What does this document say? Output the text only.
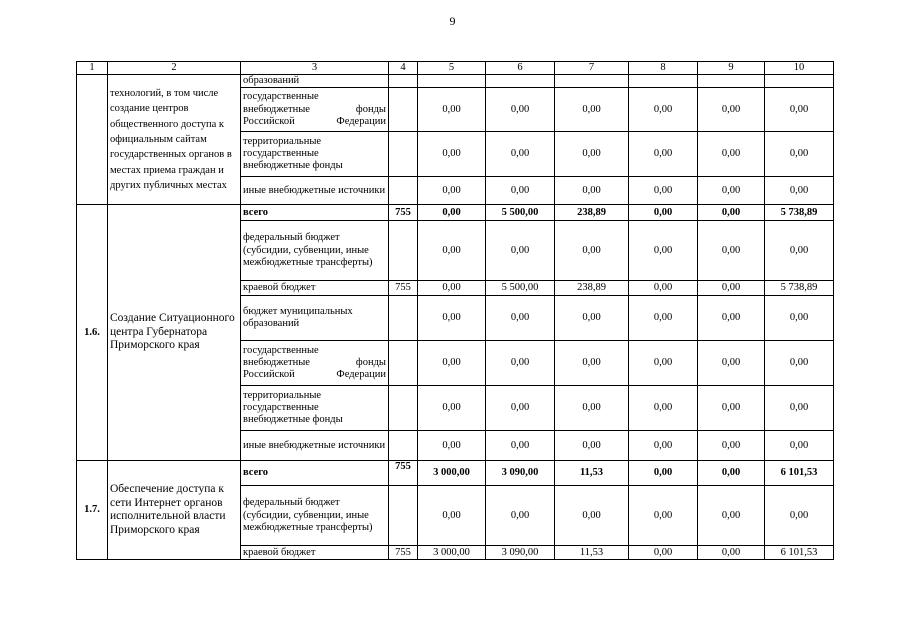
9
1	2	3	4	5	6	7	8	9	10
	технологий, в том числе создание центров общественного доступа к официальным сайтам государственных органов в местах приема граждан и других публичных местах	образований							
		государственные внебюджетные фонды Российской Федерации		0,00	0,00	0,00	0,00	0,00	0,00
		территориальные государственные внебюджетные фонды		0,00	0,00	0,00	0,00	0,00	0,00
		иные внебюджетные источники		0,00	0,00	0,00	0,00	0,00	0,00
1.6.	Создание Ситуационного центра Губернатора Приморского края	всего	755	0,00	5 500,00	238,89	0,00	0,00	5 738,89
		федеральный бюджет (субсидии, субвенции, иные межбюджетные трансферты)		0,00	0,00	0,00	0,00	0,00	0,00
		краевой бюджет	755	0,00	5 500,00	238,89	0,00	0,00	5 738,89
		бюджет муниципальных образований		0,00	0,00	0,00	0,00	0,00	0,00
		государственные внебюджетные фонды Российской Федерации		0,00	0,00	0,00	0,00	0,00	0,00
		территориальные государственные внебюджетные фонды		0,00	0,00	0,00	0,00	0,00	0,00
		иные внебюджетные источники		0,00	0,00	0,00	0,00	0,00	0,00
1.7.	Обеспечение доступа к сети Интернет органов исполнительной власти Приморского края	всего	755	3 000,00	3 090,00	11,53	0,00	0,00	6 101,53
		федеральный бюджет (субсидии, субвенции, иные межбюджетные трансферты)		0,00	0,00	0,00	0,00	0,00	0,00
		краевой бюджет	755	3 000,00	3 090,00	11,53	0,00	0,00	6 101,53
